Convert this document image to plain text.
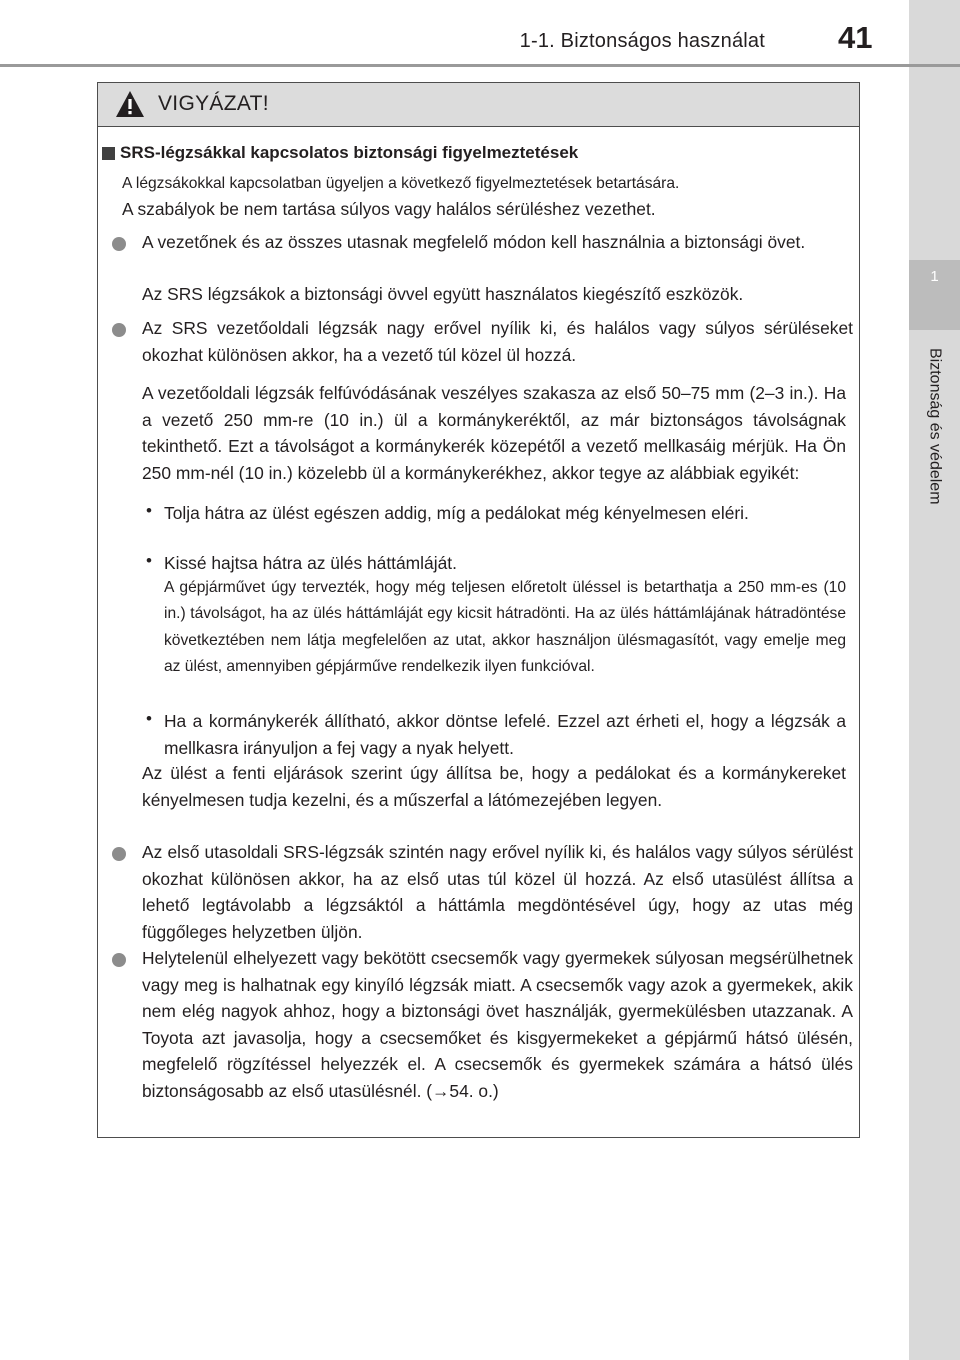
1-1. Biztonságos használat 41
1
Biztonság és védelem
VIGYÁZAT!
SRS-légzsákkal kapcsolatos biztonsági figyelmeztetések

A légzsákokkal kapcsolatban ügyeljen a következő figyelmeztetések betartására.

A szabályok be nem tartása súlyos vagy halálos sérüléshez vezethet.

A vezetőnek és az összes utasnak megfelelő módon kell használnia a biztonsági övet.

Az SRS légzsákok a biztonsági övvel együtt használatos kiegészítő eszközök.

Az SRS vezetőoldali légzsák nagy erővel nyílik ki, és halálos vagy súlyos sérüléseket okozhat különösen akkor, ha a vezető túl közel ül hozzá.

A vezetőoldali légzsák felfúvódásának veszélyes szakasza az első 50–75 mm (2–3 in.). Ha a vezető 250 mm-re (10 in.) ül a kormánykeréktől, az már biztonságos távolságnak tekinthető. Ezt a távolságot a kormánykerék közepétől a vezető mellkasáig mérjük. Ha Ön 250 mm-nél (10 in.) közelebb ül a kormánykerékhez, akkor tegye az alábbiak egyikét:

• Tolja hátra az ülést egészen addig, míg a pedálokat még kényelmesen eléri.

• Kissé hajtsa hátra az ülés háttámláját.

A gépjárművet úgy tervezték, hogy még teljesen előretolt üléssel is betarthatja a 250 mm-es (10 in.) távolságot, ha az ülés háttámláját egy kicsit hátradönti. Ha az ülés háttámlájának hátradöntése következtében nem látja megfelelően az utat, akkor használjon ülésmagasítót, vagy emelje meg az ülést, amennyiben gépjárműve rendelkezik ilyen funkcióval.

• Ha a kormánykerék állítható, akkor döntse lefelé. Ezzel azt érheti el, hogy a légzsák a mellkasra irányuljon a fej vagy a nyak helyett.

Az ülést a fenti eljárások szerint úgy állítsa be, hogy a pedálokat és a kormánykereket kényelmesen tudja kezelni, és a műszerfal a látómezejében legyen.

Az első utasoldali SRS-légzsák szintén nagy erővel nyílik ki, és halálos vagy súlyos sérülést okozhat különösen akkor, ha az első utas túl közel ül hozzá. Az első utasülést állítsa a lehető legtávolabb a légzsáktól a háttámla megdöntésével úgy, hogy az utas még függőleges helyzetben üljön.

Helytelenül elhelyezett vagy bekötött csecsemők vagy gyermekek súlyosan megsérülhetnek vagy meg is halhatnak egy kinyíló légzsák miatt. A csecsemők vagy azok a gyermekek, akik nem elég nagyok ahhoz, hogy a biztonsági övet használják, gyermekülésben utazzanak. A Toyota azt javasolja, hogy a csecsemőket és kisgyermekeket a gépjármű hátsó ülésén, megfelelő rögzítéssel helyezzék el. A csecsemők és gyermekek számára a hátsó ülés biztonságosabb az első utasülésnél. (→54. o.)
